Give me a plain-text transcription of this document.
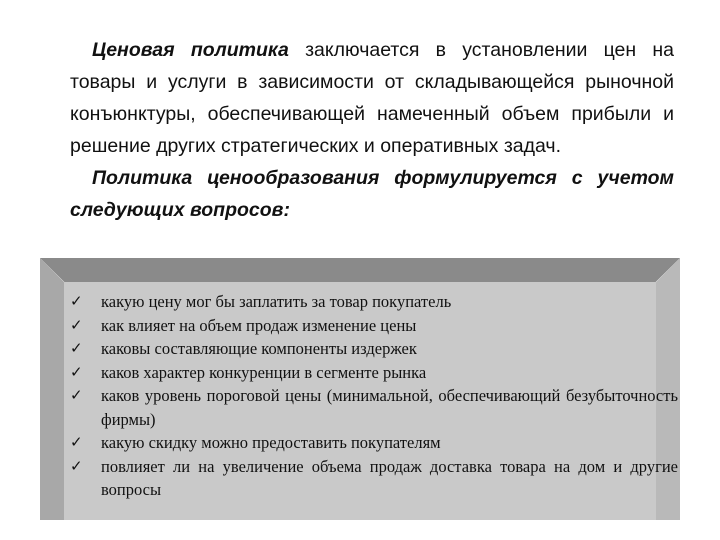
Ценовая политика заключается в установлении цен на товары и услуги в зависимости от складывающейся рыночной конъюнктуры, обеспечивающей намеченный объем прибыли и решение других стратегических и оперативных задач.

Политика ценообразования формулируется с учетом следующих вопросов:

✓ какую цену мог бы заплатить за товар покупатель
✓ как влияет на объем продаж изменение цены
✓ каковы составляющие компоненты издержек
✓ каков характер конкуренции в сегменте рынка
✓ каков уровень пороговой цены (минимальной, обеспечивающий безубыточность фирмы)
✓ какую скидку можно предоставить покупателям
✓ повлияет ли на увеличение объема продаж доставка товара на дом и другие вопросы
